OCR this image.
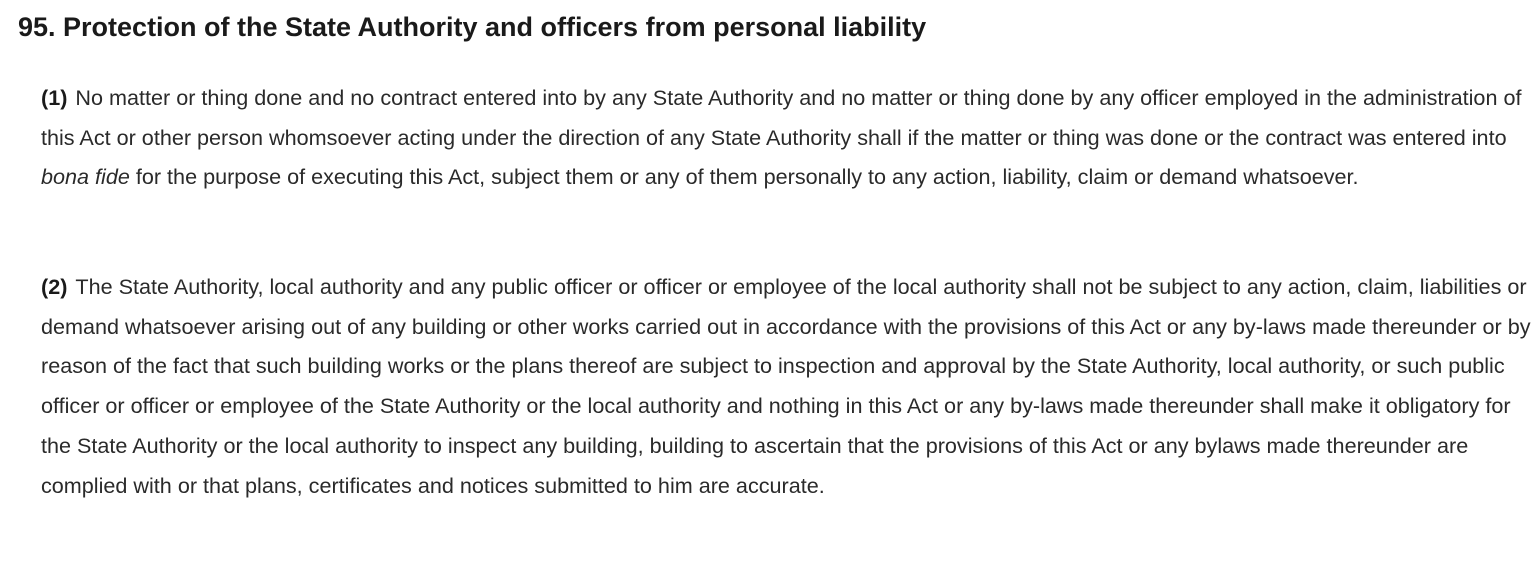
95. Protection of the State Authority and officers from personal liability

(1) No matter or thing done and no contract entered into by any State Authority and no matter or thing done by any officer employed in the administration of this Act or other person whomsoever acting under the direction of any State Authority shall if the matter or thing was done or the contract was entered into bona fide for the purpose of executing this Act, subject them or any of them personally to any action, liability, claim or demand whatsoever.

(2) The State Authority, local authority and any public officer or officer or employee of the local authority shall not be subject to any action, claim, liabilities or demand whatsoever arising out of any building or other works carried out in accordance with the provisions of this Act or any by-laws made thereunder or by reason of the fact that such building works or the plans thereof are subject to inspection and approval by the State Authority, local authority, or such public officer or officer or employee of the State Authority or the local authority and nothing in this Act or any by-laws made thereunder shall make it obligatory for the State Authority or the local authority to inspect any building, building to ascertain that the provisions of this Act or any bylaws made thereunder are complied with or that plans, certificates and notices submitted to him are accurate.
